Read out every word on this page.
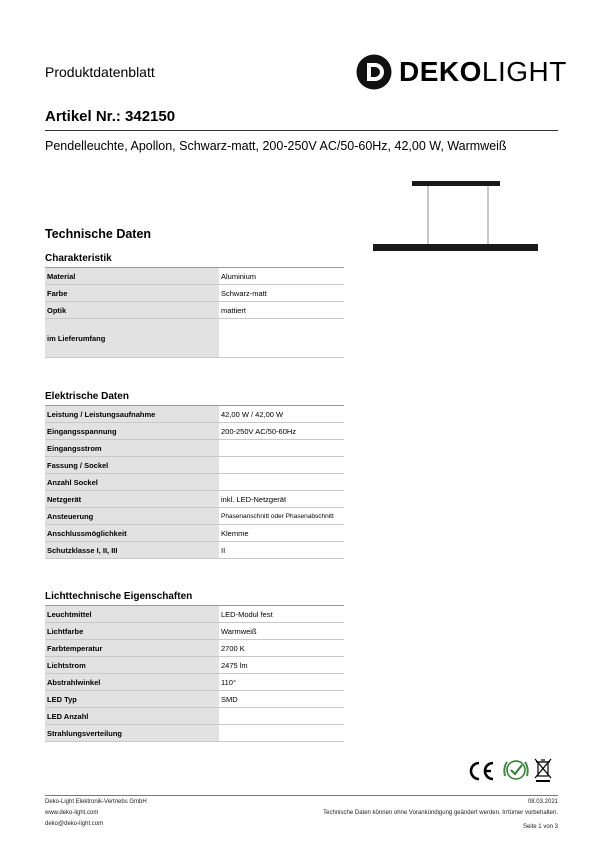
Produktdatenblatt	DEKOLIGHT
Artikel Nr.: 342150
Pendelleuchte, Apollon, Schwarz-matt, 200-250V AC/50-60Hz, 42,00 W, Warmweiß
Technische Daten
Charakteristik
Material	Aluminium
Farbe	Schwarz-matt
Optik	mattiert
im Lieferumfang	
Elektrische Daten
Leistung / Leistungsaufnahme	42,00 W / 42,00 W
Eingangsspannung	200-250V AC/50-60Hz
Eingangsstrom	
Fassung / Sockel	
Anzahl Sockel	
Netzgerät	inkl. LED-Netzgerät
Ansteuerung	Phasenanschnitt oder Phasenabschnitt
Anschlussmöglichkeit	Klemme
Schutzklasse I, II, III	II
Lichttechnische Eigenschaften
Leuchtmittel	LED-Modul fest
Lichtfarbe	Warmweiß
Farbtemperatur	2700 K
Lichtstrom	2475 lm
Abstrahlwinkel	110°
LED Typ	SMD
LED Anzahl	
Strahlungsverteilung	
Deko-Light Elektronik-Vertriebs GmbH
www.deko-light.com
deko@deko-light.com
08.03.2021
Technische Daten können ohne Vorankündigung geändert werden. Irrtümer vorbehalten.
Seite 1 von 3
